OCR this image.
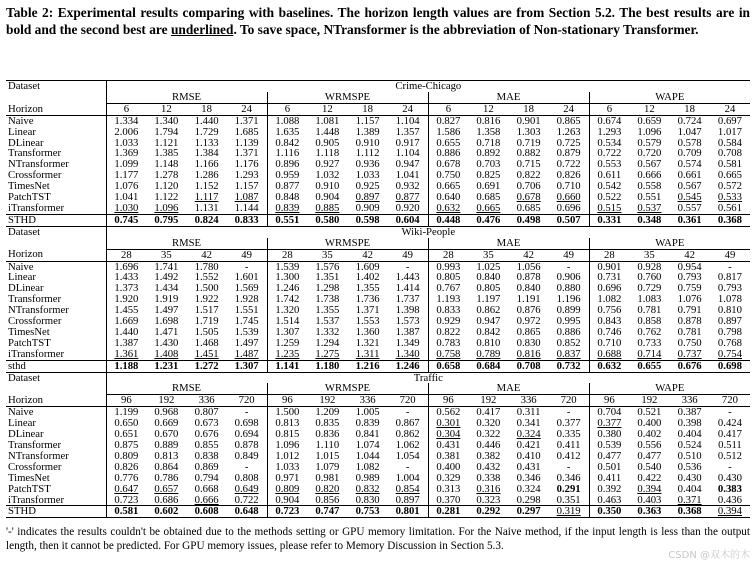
Table 2: Experimental results comparing with baselines. The horizon length values are from Section 5.2. The best results are in bold and the second best are underlined. To save space, NTransformer is the abbreviation of Non-stationary Transformer.
Dataset	Crime-Chicago															
	RMSE				WRMSPE				MAE				WAPE			
Horizon	6	12	18	24	6	12	18	24	6	12	18	24	6	12	18	24
Naive	1.334	1.340	1.440	1.371	1.088	1.081	1.157	1.104	0.827	0.816	0.901	0.865	0.674	0.659	0.724	0.697
Linear	2.006	1.794	1.729	1.685	1.635	1.448	1.389	1.357	1.586	1.358	1.303	1.263	1.293	1.096	1.047	1.017
DLinear	1.033	1.121	1.133	1.139	0.842	0.905	0.910	0.917	0.655	0.718	0.719	0.725	0.534	0.579	0.578	0.584
Transformer	1.369	1.385	1.384	1.371	1.116	1.118	1.112	1.104	0.886	0.892	0.882	0.879	0.722	0.720	0.709	0.708
NTransformer	1.099	1.148	1.166	1.176	0.896	0.927	0.936	0.947	0.678	0.703	0.715	0.722	0.553	0.567	0.574	0.581
Crossformer	1.177	1.278	1.286	1.293	0.959	1.032	1.033	1.041	0.750	0.825	0.822	0.826	0.611	0.666	0.661	0.665
TimesNet	1.076	1.120	1.152	1.157	0.877	0.910	0.925	0.932	0.665	0.691	0.706	0.710	0.542	0.558	0.567	0.572
PatchTST	1.041	1.122	1.117	1.087	0.848	0.904	0.897	0.877	0.640	0.685	0.678	0.660	0.522	0.551	0.545	0.533
iTransformer	1.030	1.096	1.131	1.144	0.839	0.885	0.909	0.920	0.632	0.665	0.685	0.696	0.515	0.537	0.557	0.561
STHD	0.745	0.795	0.824	0.833	0.551	0.580	0.598	0.604	0.448	0.476	0.498	0.507	0.331	0.348	0.361	0.368
Dataset	Wiki-People															
	RMSE				WRMSPE				MAE				WAPE			
Horizon	28	35	42	49	28	35	42	49	28	35	42	49	28	35	42	49
Naive	1.696	1.741	1.780	-	1.539	1.576	1.609	-	0.993	1.025	1.056	-	0.901	0.928	0.954	-
Linear	1.433	1.492	1.552	1.601	1.300	1.351	1.402	1.443	0.805	0.840	0.878	0.906	0.731	0.760	0.793	0.817
DLinear	1.373	1.434	1.500	1.569	1.246	1.298	1.355	1.414	0.767	0.805	0.840	0.880	0.696	0.729	0.759	0.793
Transformer	1.920	1.919	1.922	1.928	1.742	1.738	1.736	1.737	1.193	1.197	1.191	1.196	1.082	1.083	1.076	1.078
NTransformer	1.455	1.497	1.517	1.551	1.320	1.355	1.371	1.398	0.833	0.862	0.876	0.899	0.756	0.781	0.791	0.810
Crossformer	1.669	1.698	1.719	1.745	1.514	1.537	1.553	1.573	0.929	0.947	0.972	0.995	0.843	0.858	0.878	0.897
TimesNet	1.440	1.471	1.505	1.539	1.307	1.332	1.360	1.387	0.822	0.842	0.865	0.886	0.746	0.762	0.781	0.798
PatchTST	1.387	1.430	1.468	1.497	1.259	1.294	1.321	1.349	0.783	0.810	0.830	0.852	0.710	0.733	0.750	0.768
iTransformer	1.361	1.408	1.451	1.487	1.235	1.275	1.311	1.340	0.758	0.789	0.816	0.837	0.688	0.714	0.737	0.754
sthd	1.188	1.231	1.272	1.307	1.141	1.180	1.216	1.246	0.658	0.684	0.708	0.732	0.632	0.655	0.676	0.698
Dataset	Traffic															
	RMSE				WRMSPE				MAE				WAPE			
Horizon	96	192	336	720	96	192	336	720	96	192	336	720	96	192	336	720
Naive	1.199	0.968	0.807	-	1.500	1.209	1.005	-	0.562	0.417	0.311	-	0.704	0.521	0.387	-
Linear	0.650	0.669	0.673	0.698	0.813	0.835	0.839	0.867	0.301	0.320	0.341	0.377	0.377	0.400	0.398	0.424
DLinear	0.651	0.670	0.676	0.694	0.815	0.836	0.841	0.862	0.304	0.322	0.324	0.335	0.380	0.402	0.404	0.417
Transformer	0.875	0.889	0.855	0.878	1.096	1.110	1.074	1.062	0.431	0.446	0.421	0.411	0.539	0.556	0.524	0.511
NTransformer	0.809	0.813	0.838	0.849	1.012	1.015	1.044	1.054	0.381	0.382	0.410	0.412	0.477	0.477	0.510	0.512
Crossformer	0.826	0.864	0.869	-	1.033	1.079	1.082	-	0.400	0.432	0.431	-	0.501	0.540	0.536	-
TimesNet	0.776	0.786	0.794	0.808	0.971	0.981	0.989	1.004	0.329	0.338	0.346	0.346	0.411	0.422	0.430	0.430
PatchTST	0.647	0.657	0.668	0.649	0.809	0.820	0.832	0.854	0.313	0.316	0.324	0.291	0.392	0.394	0.404	0.383
iTransformer	0.723	0.686	0.666	0.722	0.904	0.856	0.830	0.897	0.370	0.323	0.298	0.351	0.463	0.403	0.371	0.436
STHD	0.581	0.602	0.608	0.648	0.723	0.747	0.753	0.801	0.281	0.292	0.297	0.319	0.350	0.363	0.368	0.394
'-' indicates the results couldn't be obtained due to the methods setting or GPU memory limitation. For the Naive method, if the input length is less than the output length, then it cannot be predicted. For GPU memory issues, please refer to Memory Discussion in Section 5.3.
CSDN @双木的木
